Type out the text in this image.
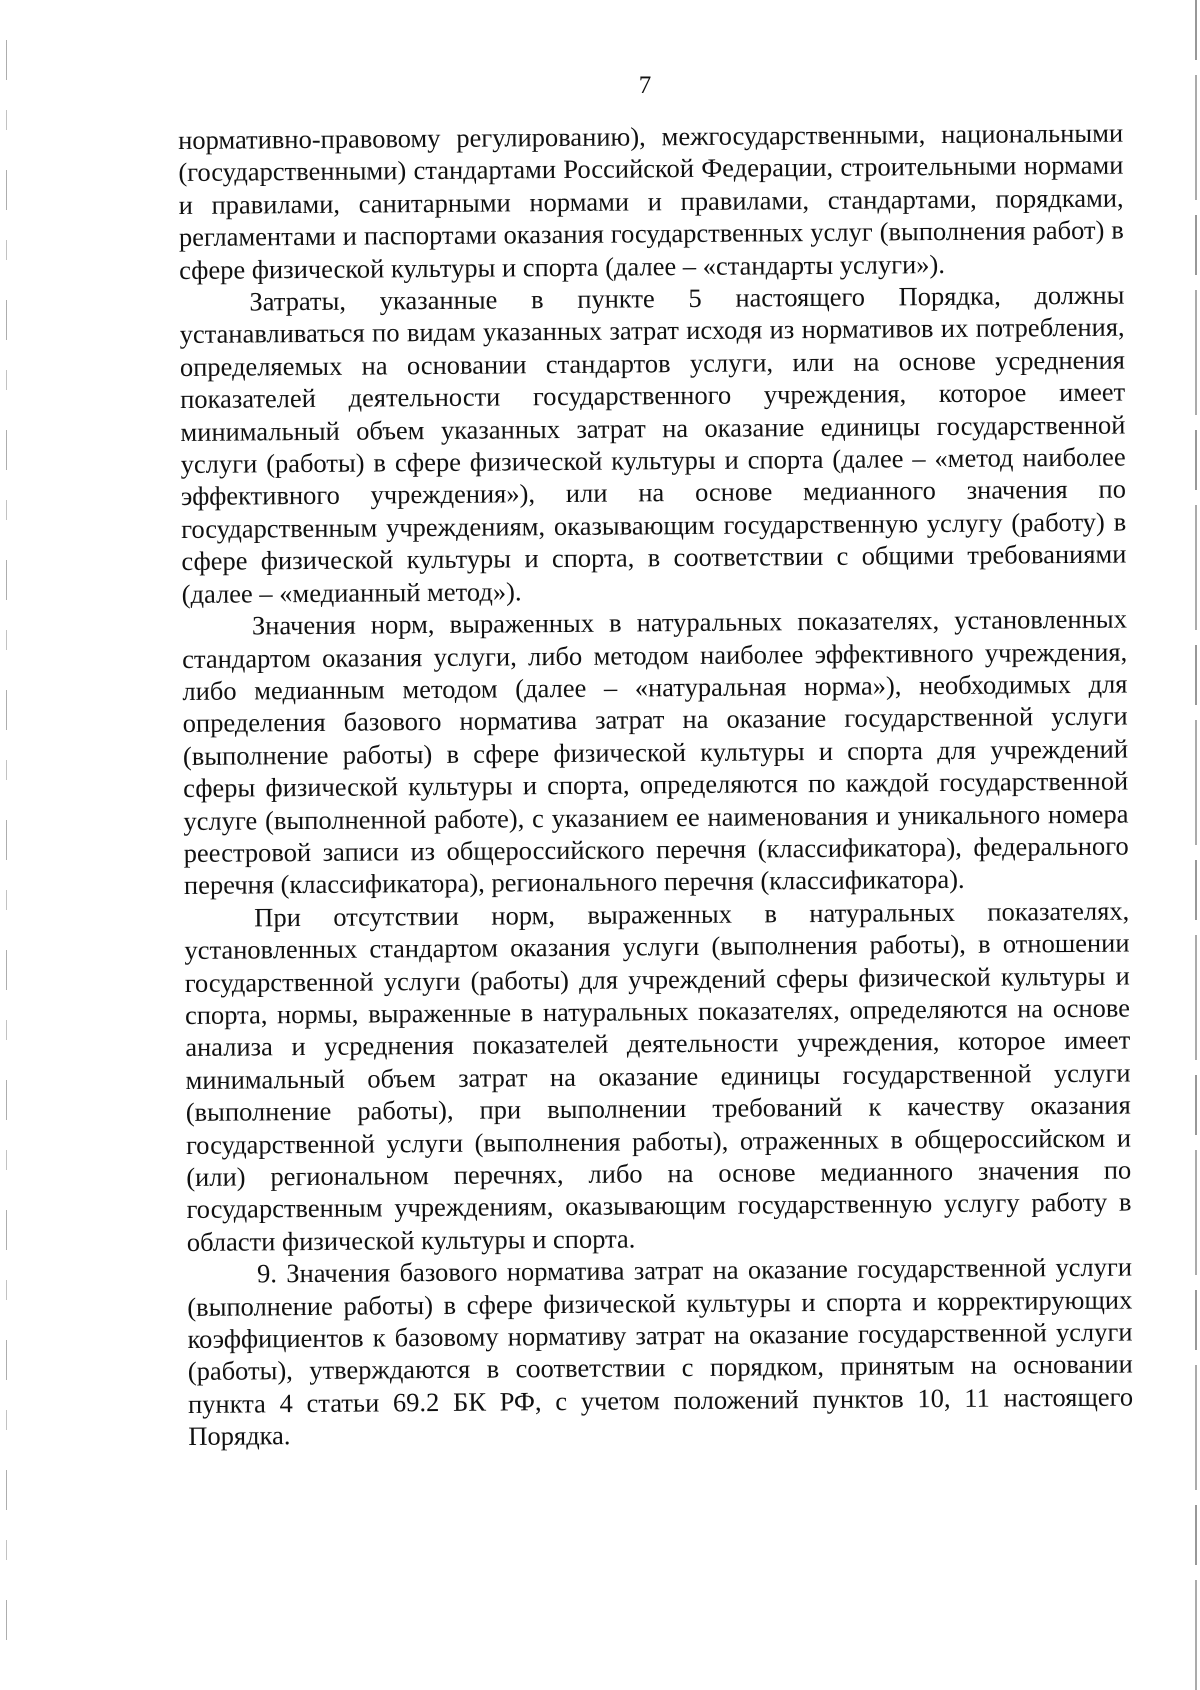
7

нормативно-правовому регулированию), межгосударственными, национальными (государственными) стандартами Российской Федерации, строительными нормами и правилами, санитарными нормами и правилами, стандартами, порядками, регламентами и паспортами оказания государственных услуг (выполнения работ) в сфере физической культуры и спорта (далее – «стандарты услуги»).

Затраты, указанные в пункте 5 настоящего Порядка, должны устанавливаться по видам указанных затрат исходя из нормативов их потребления, определяемых на основании стандартов услуги, или на основе усреднения показателей деятельности государственного учреждения, которое имеет минимальный объем указанных затрат на оказание единицы государственной услуги (работы) в сфере физической культуры и спорта (далее – «метод наиболее эффективного учреждения»), или на основе медианного значения по государственным учреждениям, оказывающим государственную услугу (работу) в сфере физической культуры и спорта, в соответствии с общими требованиями (далее – «медианный метод»).

Значения норм, выраженных в натуральных показателях, установленных стандартом оказания услуги, либо методом наиболее эффективного учреждения, либо медианным методом (далее – «натуральная норма»), необходимых для определения базового норматива затрат на оказание государственной услуги (выполнение работы) в сфере физической культуры и спорта для учреждений сферы физической культуры и спорта, определяются по каждой государственной услуге (выполненной работе), с указанием ее наименования и уникального номера реестровой записи из общероссийского перечня (классификатора), федерального перечня (классификатора), регионального перечня (классификатора).

При отсутствии норм, выраженных в натуральных показателях, установленных стандартом оказания услуги (выполнения работы), в отношении государственной услуги (работы) для учреждений сферы физической культуры и спорта, нормы, выраженные в натуральных показателях, определяются на основе анализа и усреднения показателей деятельности учреждения, которое имеет минимальный объем затрат на оказание единицы государственной услуги (выполнение работы), при выполнении требований к качеству оказания государственной услуги (выполнения работы), отраженных в общероссийском и (или) региональном перечнях, либо на основе медианного значения по государственным учреждениям, оказывающим государственную услугу работу в области физической культуры и спорта.

9. Значения базового норматива затрат на оказание государственной услуги (выполнение работы) в сфере физической культуры и спорта и корректирующих коэффициентов к базовому нормативу затрат на оказание государственной услуги (работы), утверждаются в соответствии с порядком, принятым на основании пункта 4 статьи 69.2 БК РФ, с учетом положений пунктов 10, 11 настоящего Порядка.
